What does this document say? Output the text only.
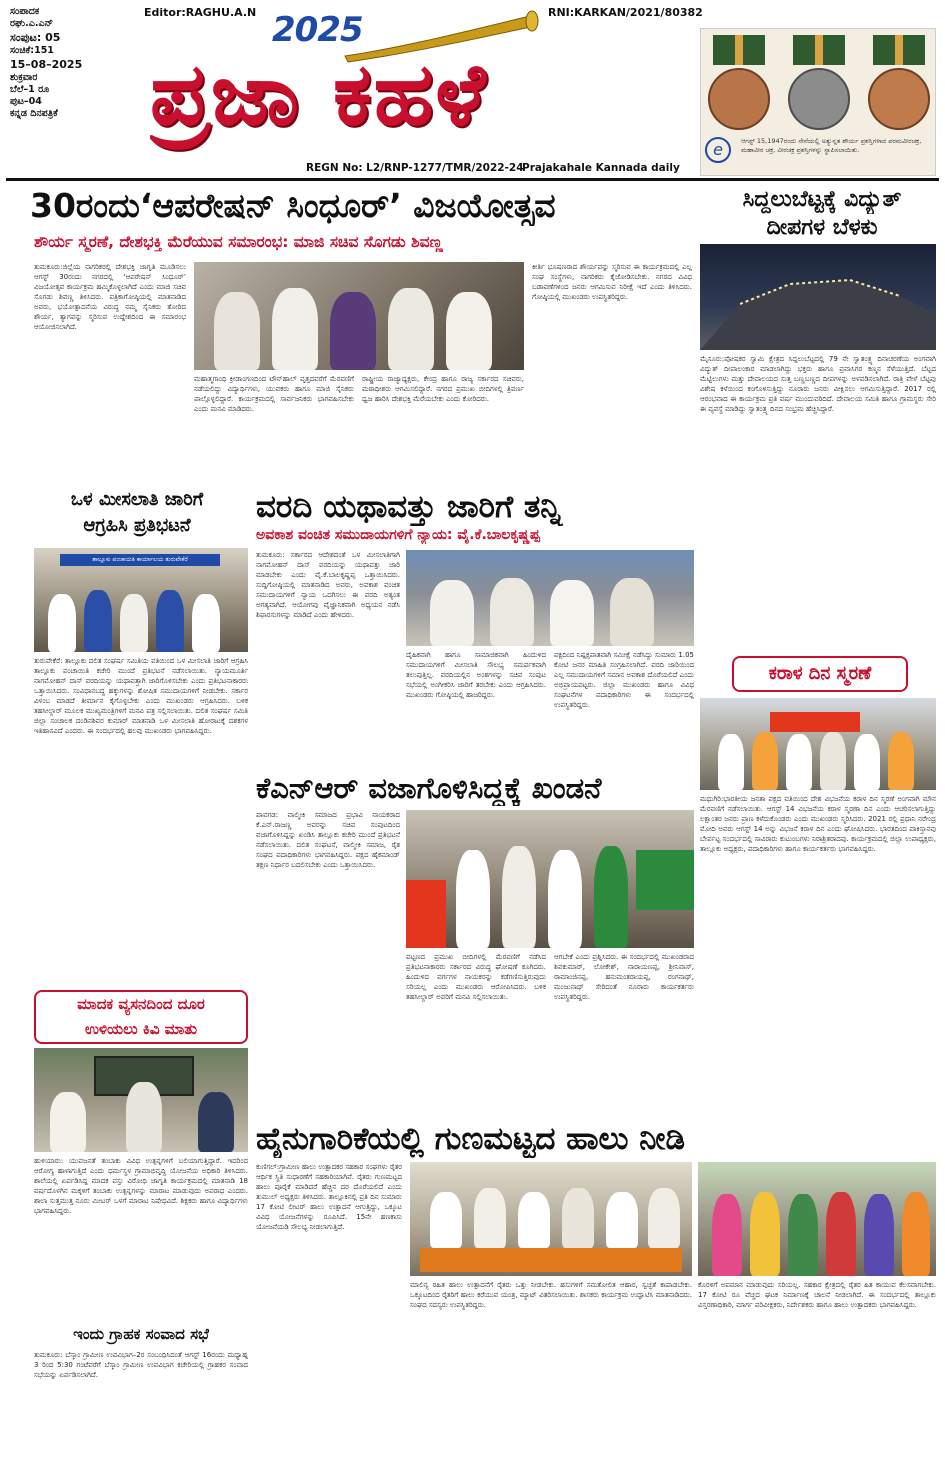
ಸಂಪಾದಕ
ರಘು.ಎ.ಎನ್
ಸಂಪುಟ: 05
ಸಂಚಿಕೆ:151
15–08–2025
ಶುಕ್ರವಾರ
ಬೆಲೆ–1 ರೂ
ಪುಟ–04
ಕನ್ನಡ ದಿನಪತ್ರಿಕೆ
Editor:RAGHU.A.N 2025
ಪ್ರಜಾ ಕಹಳೆ
RNI:KARKAN/2021/80382
REGN No: L2/RNP-1277/TMR/2022-24
Prajakahale Kannada daily
e	ಆಗಸ್ಟ್ 15,1947ರಂದು ಸೇನೆಯಲ್ಲಿ ಅತ್ಯುನ್ನತ ಶೌರ್ಯ ಪ್ರಶಸ್ತಿಗಳಾದ ಪರಮವೀರಚಕ್ರ, ಮಹಾವೀರ ಚಕ್ರ, ವೀರಚಕ್ರ ಪ್ರಶಸ್ತಿಗಳನ್ನು ಸ್ಥಾಪಿಸಲಾಯಿತು.
30ರಂದು‘ಆಪರೇಷನ್ ಸಿಂಧೂರ್’ ವಿಜಯೋತ್ಸವ
ಶೌರ್ಯ ಸ್ಮರಣೆ, ದೇಶಭಕ್ತಿ ಮೆರೆಯುವ ಸಮಾರಂಭ: ಮಾಜಿ ಸಚಿವ ಸೊಗಡು ಶಿವಣ್ಣ
ತುಮಕೂರು:ಜಿಲ್ಲೆಯ ನಾಗರಿಕರಲ್ಲಿ ದೇಶಭಕ್ತಿ ಜಾಗೃತಿ ಮೂಡಿಸಲು ಆಗಸ್ಟ್ 30ರಂದು ನಗರದಲ್ಲಿ ‘ಆಪರೇಷನ್ ಸಿಂಧೂರ್’ ವಿಜಯೋತ್ಸವ ಕಾರ್ಯಕ್ರಮ ಹಮ್ಮಿಕೊಳ್ಳಲಾಗಿದೆ ಎಂದು ಮಾಜಿ ಸಚಿವ ಸೊಗಡು ಶಿವಣ್ಣ ತಿಳಿಸಿದರು. ಪತ್ರಿಕಾಗೋಷ್ಠಿಯಲ್ಲಿ ಮಾತನಾಡಿದ ಅವರು, ಭಯೋತ್ಪಾದನೆಯ ವಿರುದ್ಧ ನಮ್ಮ ಸೈನಿಕರು ತೋರಿದ ಶೌರ್ಯ, ತ್ಯಾಗವನ್ನು ಸ್ಮರಿಸುವ ಉದ್ದೇಶದಿಂದ ಈ ಸಮಾರಂಭ ಆಯೋಜಿಸಲಾಗಿದೆ.
ಮಹಾತ್ಮಗಾಂಧಿ ಕ್ರೀಡಾಂಗಣದಿಂದ ಟೌನ್‌ಹಾಲ್ ವೃತ್ತದವರೆಗೆ ಮೆರವಣಿಗೆ ನಡೆಯಲಿದ್ದು ವಿದ್ಯಾರ್ಥಿಗಳು, ಯುವಕರು ಹಾಗೂ ಮಾಜಿ ಸೈನಿಕರು ಪಾಲ್ಗೊಳ್ಳಲಿದ್ದಾರೆ. ಕಾರ್ಯಕ್ರಮದಲ್ಲಿ ಸಾರ್ವಜನಿಕರು ಭಾಗವಹಿಸಬೇಕು ಎಂದು ಮನವಿ ಮಾಡಿದರು.
ರಾಷ್ಟ್ರೀಯ ರಾಜ್ಯಾಧ್ಯಕ್ಷರು, ಕೇಂದ್ರ ಹಾಗೂ ರಾಜ್ಯ ಸರ್ಕಾರದ ಸಚಿವರು, ಮಠಾಧೀಶರು ಆಗಮಿಸಲಿದ್ದಾರೆ. ನಗರದ ಪ್ರಮುಖ ಬೀದಿಗಳಲ್ಲಿ ತ್ರಿವರ್ಣ ಧ್ವಜ ಹಾರಿಸಿ ದೇಶಭಕ್ತಿ ಮೆರೆಯಬೇಕು ಎಂದು ಕೋರಿದರು.
ಕೀರ್ತಿ ಭೂಷಣರಾದ ಶೌರ್ಯವನ್ನು ಸ್ಮರಿಸುವ ಈ ಕಾರ್ಯಕ್ರಮದಲ್ಲಿ ಎಲ್ಲ ಸಂಘ ಸಂಸ್ಥೆಗಳು, ನಾಗರಿಕರು ಕೈಜೋಡಿಸಬೇಕು. ನಗರದ ವಿವಿಧ ಬಡಾವಣೆಗಳಿಂದ ಜನರು ಆಗಮಿಸುವ ನಿರೀಕ್ಷೆ ಇದೆ ಎಂದು ತಿಳಿಸಿದರು. ಗೋಷ್ಠಿಯಲ್ಲಿ ಮುಖಂಡರು ಉಪಸ್ಥಿತರಿದ್ದರು.
ಸಿದ್ದಲುಬೆಟ್ಟಕ್ಕೆ ವಿದ್ಯುತ್
ದೀಪಗಳ ಬೆಳಕು
ಮೈಸೂರು:ಪೋಷಕರ ಸ್ವಾಮಿ ಕ್ಷೇತ್ರದ ಸಿದ್ದಲುಬೆಟ್ಟದಲ್ಲಿ 79 ನೇ ಸ್ವಾತಂತ್ರ್ಯ ದಿನಾಚರಣೆಯ ಅಂಗವಾಗಿ ವಿದ್ಯುತ್ ದೀಪಾಲಂಕಾರ ಮಾಡಲಾಗಿದ್ದು ಭಕ್ತರು ಹಾಗೂ ಪ್ರವಾಸಿಗರ ಕಣ್ಮನ ಸೆಳೆಯುತ್ತಿದೆ. ಬೆಟ್ಟದ ಮೆಟ್ಟಿಲುಗಳು ಮತ್ತು ದೇವಾಲಯದ ಸುತ್ತ ಬಣ್ಣಬಣ್ಣದ ದೀಪಗಳನ್ನು ಅಳವಡಿಸಲಾಗಿದೆ. ರಾತ್ರಿ ವೇಳೆ ಬೆಟ್ಟವು ವಿಶೇಷ ಕಳೆಯಿಂದ ಕಂಗೊಳಿಸುತ್ತಿದ್ದು ನೂರಾರು ಜನರು ವೀಕ್ಷಿಸಲು ಆಗಮಿಸುತ್ತಿದ್ದಾರೆ. 2017 ರಲ್ಲಿ ಆರಂಭವಾದ ಈ ಕಾರ್ಯಕ್ರಮ ಪ್ರತಿ ವರ್ಷ ಮುಂದುವರಿದಿದೆ. ದೇವಾಲಯ ಸಮಿತಿ ಹಾಗೂ ಗ್ರಾಮಸ್ಥರು ಸೇರಿ ಈ ವ್ಯವಸ್ಥೆ ಮಾಡಿದ್ದು ಸ್ವಾತಂತ್ರ್ಯ ದಿನದ ಸಂಭ್ರಮ ಹೆಚ್ಚಿಸಿದ್ದಾರೆ.
ಒಳ ಮೀಸಲಾತಿ ಜಾರಿಗೆ
ಆಗ್ರಹಿಸಿ ಪ್ರತಿಭಟನೆ
ತಾಲ್ಲೂಕು ಪಂಚಾಯತಿ ಕಾರ್ಯಾಲಯ ತುರುವೇಕೆರೆ
ತುರುವೇಕೆರೆ: ತಾಲ್ಲೂಕು ದಲಿತ ಸಂಘರ್ಷ ಸಮಿತಿಯ ವತಿಯಿಂದ ಒಳ ಮೀಸಲಾತಿ ಜಾರಿಗೆ ಆಗ್ರಹಿಸಿ ತಾಲ್ಲೂಕು ಪಂಚಾಯಿತಿ ಕಚೇರಿ ಮುಂದೆ ಪ್ರತಿಭಟನೆ ನಡೆಸಲಾಯಿತು. ನ್ಯಾಯಮೂರ್ತಿ ನಾಗಮೋಹನ್ ದಾಸ್ ವರದಿಯನ್ನು ಯಥಾವತ್ತಾಗಿ ಜಾರಿಗೊಳಿಸಬೇಕು ಎಂದು ಪ್ರತಿಭಟನಾಕಾರರು ಒತ್ತಾಯಿಸಿದರು. ಸಂವಿಧಾನಬದ್ಧ ಹಕ್ಕುಗಳನ್ನು ಶೋಷಿತ ಸಮುದಾಯಗಳಿಗೆ ನೀಡಬೇಕು. ಸರ್ಕಾರ ವಿಳಂಬ ಮಾಡದೆ ತೀರ್ಮಾನ ಕೈಗೊಳ್ಳಬೇಕು ಎಂದು ಮುಖಂಡರು ಆಗ್ರಹಿಸಿದರು. ಬಳಿಕ ತಹಸೀಲ್ದಾರ್ ಮೂಲಕ ಮುಖ್ಯಮಂತ್ರಿಗಳಿಗೆ ಮನವಿ ಪತ್ರ ಸಲ್ಲಿಸಲಾಯಿತು. ದಲಿತ ಸಂಘರ್ಷ ಸಮಿತಿ ಜಿಲ್ಲಾ ಸಂಚಾಲಕ ದಂಡಿನಶಿವರ ಕುಮಾರ್ ಮಾತನಾಡಿ ಒಳ ಮೀಸಲಾತಿ ಹೋರಾಟಕ್ಕೆ ದಶಕಗಳ ಇತಿಹಾಸವಿದೆ ಎಂದರು. ಈ ಸಂದರ್ಭದಲ್ಲಿ ಹಲವು ಮುಖಂಡರು ಭಾಗವಹಿಸಿದ್ದರು.
ವರದಿ ಯಥಾವತ್ತು ಜಾರಿಗೆ ತನ್ನಿ
ಅವಕಾಶ ವಂಚಿತ ಸಮುದಾಯಗಳಿಗೆ ನ್ಯಾಯ: ವೈ.ಕೆ.ಬಾಲಕೃಷ್ಣಪ್ಪ
ತುಮಕೂರು: ಸರ್ಕಾರದ ಆದೇಶದಂತೆ ಒಳ ಮೀಸಲಾತಿಗಾಗಿ ನಾಗಮೋಹನ್ ದಾಸ್ ವರದಿಯನ್ನು ಯಥಾವತ್ತು ಜಾರಿ ಮಾಡಬೇಕು ಎಂದು ವೈ.ಕೆ.ಬಾಲಕೃಷ್ಣಪ್ಪ ಒತ್ತಾಯಿಸಿದರು. ಸುದ್ದಿಗೋಷ್ಠಿಯಲ್ಲಿ ಮಾತನಾಡಿದ ಅವರು, ಅವಕಾಶ ವಂಚಿತ ಸಮುದಾಯಗಳಿಗೆ ನ್ಯಾಯ ಒದಗಿಸಲು ಈ ವರದಿ ಅತ್ಯಂತ ಅಗತ್ಯವಾಗಿದೆ. ಆಯೋಗವು ವೈಜ್ಞಾನಿಕವಾಗಿ ಅಧ್ಯಯನ ನಡೆಸಿ ಶಿಫಾರಸುಗಳನ್ನು ಮಾಡಿದೆ ಎಂದು ಹೇಳಿದರು.
ದೈಹಿಕವಾಗಿ ಹಾಗೂ ಸಾಮಾಜಿಕವಾಗಿ ಹಿಂದುಳಿದ ಸಮುದಾಯಗಳಿಗೆ ಮೀಸಲಾತಿ ಸೌಲಭ್ಯ ಸಮರ್ಪಕವಾಗಿ ತಲುಪುತ್ತಿಲ್ಲ. ವರದಿಯಲ್ಲಿನ ಅಂಶಗಳನ್ನು ಸಚಿವ ಸಂಪುಟ ಸಭೆಯಲ್ಲಿ ಅಂಗೀಕರಿಸಿ ಜಾರಿಗೆ ತರಬೇಕು ಎಂದು ಆಗ್ರಹಿಸಿದರು. ಮುಖಂಡರು ಗೋಷ್ಠಿಯಲ್ಲಿ ಹಾಜರಿದ್ದರು.
ಪಕ್ಷದಿಂದ ನಿಷ್ಪಕ್ಷಪಾತವಾಗಿ ಸಮೀಕ್ಷೆ ನಡೆಸಿದ್ದು ಸುಮಾರು 1.05 ಕೋಟಿ ಜನರ ಮಾಹಿತಿ ಸಂಗ್ರಹಿಸಲಾಗಿದೆ. ವರದಿ ಜಾರಿಯಿಂದ ಎಲ್ಲ ಸಮುದಾಯಗಳಿಗೆ ಸಮಾನ ಅವಕಾಶ ದೊರೆಯಲಿದೆ ಎಂದು ಅಭಿಪ್ರಾಯಪಟ್ಟರು. ಜಿಲ್ಲಾ ಮುಖಂಡರು ಹಾಗೂ ವಿವಿಧ ಸಂಘಟನೆಗಳ ಪದಾಧಿಕಾರಿಗಳು ಈ ಸಂದರ್ಭದಲ್ಲಿ ಉಪಸ್ಥಿತರಿದ್ದರು.
ಕರಾಳ ದಿನ ಸ್ಮರಣೆ
ಮಧುಗಿರಿ:ಭಾರತೀಯ ಜನತಾ ಪಕ್ಷದ ವತಿಯಿಂದ ದೇಶ ವಿಭಜನೆಯ ಕರಾಳ ದಿನ ಸ್ಮರಣೆ ಅಂಗವಾಗಿ ಮೌನ ಮೆರವಣಿಗೆ ನಡೆಸಲಾಯಿತು. ಆಗಸ್ಟ್ 14 ವಿಭಜನೆಯ ಕರಾಳ ಸ್ಮರಣಾ ದಿನ ಎಂದು ಆಚರಿಸಲಾಗುತ್ತಿದ್ದು ಲಕ್ಷಾಂತರ ಜನರು ಪ್ರಾಣ ಕಳೆದುಕೊಂಡರು ಎಂದು ಮುಖಂಡರು ಸ್ಮರಿಸಿದರು. 2021 ರಲ್ಲಿ ಪ್ರಧಾನಿ ನರೇಂದ್ರ ಮೋದಿ ಅವರು ಆಗಸ್ಟ್ 14 ಅನ್ನು ವಿಭಜನೆ ಕರಾಳ ದಿನ ಎಂದು ಘೋಷಿಸಿದರು. ಭಾರತದಿಂದ ಪಾಕಿಸ್ತಾನವು ಬೇರ್ಪಟ್ಟ ಸಂದರ್ಭದಲ್ಲಿ ಸಾವಿರಾರು ಕುಟುಂಬಗಳು ನಿರಾಶ್ರಿತರಾದವು. ಕಾರ್ಯಕ್ರಮದಲ್ಲಿ ಜಿಲ್ಲಾ ಉಪಾಧ್ಯಕ್ಷರು, ತಾಲ್ಲೂಕು ಅಧ್ಯಕ್ಷರು, ಪದಾಧಿಕಾರಿಗಳು ಹಾಗೂ ಕಾರ್ಯಕರ್ತರು ಭಾಗವಹಿಸಿದ್ದರು.
ಕೆಎನ್‌ಆರ್ ವಜಾಗೊಳಿಸಿದ್ದಕ್ಕೆ ಖಂಡನೆ
ಪಾವಗಡ: ವಾಲ್ಮೀಕಿ ಸಮಾಜದ ಪ್ರಭಾವಿ ನಾಯಕರಾದ ಕೆ.ಎನ್.ರಾಜಣ್ಣ ಅವರನ್ನು ಸಚಿವ ಸಂಪುಟದಿಂದ ವಜಾಗೊಳಿಸಿದ್ದನ್ನು ಖಂಡಿಸಿ ತಾಲ್ಲೂಕು ಕಚೇರಿ ಮುಂದೆ ಪ್ರತಿಭಟನೆ ನಡೆಸಲಾಯಿತು. ದಲಿತ ಸಂಘಟನೆ, ವಾಲ್ಮೀಕಿ ಸಮಾಜ, ರೈತ ಸಂಘದ ಪದಾಧಿಕಾರಿಗಳು ಭಾಗವಹಿಸಿದ್ದರು. ಪಕ್ಷದ ಹೈಕಮಾಂಡ್ ತಕ್ಷಣ ನಿರ್ಧಾರ ಬದಲಿಸಬೇಕು ಎಂದು ಒತ್ತಾಯಿಸಿದರು.
ಪಟ್ಟಣದ ಪ್ರಮುಖ ಬೀದಿಗಳಲ್ಲಿ ಮೆರವಣಿಗೆ ನಡೆಸಿದ ಪ್ರತಿಭಟನಾಕಾರರು ಸರ್ಕಾರದ ವಿರುದ್ಧ ಘೋಷಣೆ ಕೂಗಿದರು. ಹಿಂದುಳಿದ ವರ್ಗಗಳ ನಾಯಕರನ್ನು ಕಡೆಗಣಿಸುತ್ತಿರುವುದು ಸರಿಯಲ್ಲ ಎಂದು ಮುಖಂಡರು ಆರೋಪಿಸಿದರು. ಬಳಿಕ ತಹಸೀಲ್ದಾರ್ ಅವರಿಗೆ ಮನವಿ ಸಲ್ಲಿಸಲಾಯಿತು.
ಆಗಬೇಕೆ ಎಂದು ಪ್ರಶ್ನಿಸಿದರು. ಈ ಸಂದರ್ಭದಲ್ಲಿ ಮುಖಂಡರಾದ ಶಿವಕುಮಾರ್, ಲೋಕೇಶ್, ನಾರಾಯಣಪ್ಪ, ಶ್ರೀನಿವಾಸ್, ರಾಮಾಂಜಿನಪ್ಪ, ಹನುಮಂತರಾಯಪ್ಪ, ರಂಗನಾಥ್, ಮಂಜುನಾಥ್ ಸೇರಿದಂತೆ ನೂರಾರು ಕಾರ್ಯಕರ್ತರು ಉಪಸ್ಥಿತರಿದ್ದರು.
ಮಾದಕ ವ್ಯಸನದಿಂದ ದೂರ
ಉಳಿಯಲು ಕಿವಿ ಮಾತು
ಹುಳಿಯಾರು: ಯುವಜನತೆ ತಂಬಾಕು ವಿವಿಧ ಉತ್ಪನ್ನಗಳಿಗೆ ಬಲಿಯಾಗುತ್ತಿದ್ದಾರೆ. ಇದರಿಂದ ಆರೋಗ್ಯ ಹಾಳಾಗುತ್ತಿದೆ ಎಂದು ಧರ್ಮಸ್ಥಳ ಗ್ರಾಮಾಭಿವೃದ್ಧಿ ಯೋಜನೆಯ ಅಧಿಕಾರಿ ತಿಳಿಸಿದರು. ಶಾಲೆಯಲ್ಲಿ ಏರ್ಪಡಿಸಿದ್ದ ಮಾದಕ ವಸ್ತು ವಿರೋಧಿ ಜಾಗೃತಿ ಕಾರ್ಯಕ್ರಮದಲ್ಲಿ ಮಾತನಾಡಿ 18 ವರ್ಷದೊಳಗಿನ ಮಕ್ಕಳಿಗೆ ತಂಬಾಕು ಉತ್ಪನ್ನಗಳನ್ನು ಮಾರಾಟ ಮಾಡುವುದು ಅಪರಾಧ ಎಂದರು. ಶಾಲಾ ಸುತ್ತಮುತ್ತ ನೂರು ಮೀಟರ್ ಒಳಗೆ ಮಾರಾಟ ನಿಷೇಧವಿದೆ. ಶಿಕ್ಷಕರು ಹಾಗೂ ವಿದ್ಯಾರ್ಥಿಗಳು ಭಾಗವಹಿಸಿದ್ದರು.
ಇಂದು ಗ್ರಾಹಕ ಸಂವಾದ ಸಭೆ
ತುಮಕೂರು: ಬೆಸ್ಕಾಂ ಗ್ರಾಮೀಣ ಉಪವಿಭಾಗ–2ರ ಸಂಬಂಧಿಸಿದಂತೆ ಆಗಸ್ಟ್ 16ರಂದು ಮಧ್ಯಾಹ್ನ 3 ರಿಂದ 5:30 ಗಂಟೆವರೆಗೆ ಬೆಸ್ಕಾಂ ಗ್ರಾಮೀಣ ಉಪವಿಭಾಗ ಕಚೇರಿಯಲ್ಲಿ ಗ್ರಾಹಕರ ಸಂವಾದ ಸಭೆಯನ್ನು ಏರ್ಪಡಿಸಲಾಗಿದೆ.
ಹೈನುಗಾರಿಕೆಯಲ್ಲಿ ಗುಣಮಟ್ಟದ ಹಾಲು ನೀಡಿ
ಕುಣಿಗಲ್:ಗ್ರಾಮೀಣ ಹಾಲು ಉತ್ಪಾದಕರ ಸಹಕಾರ ಸಂಘಗಳು ರೈತರ ಆರ್ಥಿಕ ಸ್ಥಿತಿ ಸುಧಾರಣೆಗೆ ಸಹಕಾರಿಯಾಗಿವೆ. ರೈತರು ಗುಣಮಟ್ಟದ ಹಾಲು ಪೂರೈಕೆ ಮಾಡಿದರೆ ಹೆಚ್ಚಿನ ದರ ದೊರೆಯಲಿದೆ ಎಂದು ತುಮುಲ್ ಅಧ್ಯಕ್ಷರು ತಿಳಿಸಿದರು. ತಾಲ್ಲೂಕಿನಲ್ಲಿ ಪ್ರತಿ ದಿನ ಸುಮಾರು 17 ಕೋಟಿ ಲೀಟರ್ ಹಾಲು ಉತ್ಪಾದನೆ ಆಗುತ್ತಿದ್ದು, ಒಕ್ಕೂಟ ವಿವಿಧ ಯೋಜನೆಗಳನ್ನು ರೂಪಿಸಿದೆ. 15ನೇ ಹಣಕಾಸು ಯೋಜನೆಯಡಿ ಸೌಲಭ್ಯ ನೀಡಲಾಗುತ್ತಿದೆ.
ಮಾಲಿನ್ಯ ರಹಿತ ಹಾಲು ಉತ್ಪಾದನೆಗೆ ರೈತರು ಒತ್ತು ನೀಡಬೇಕು. ಹಸುಗಳಿಗೆ ಸಮತೋಲಿತ ಆಹಾರ, ಸ್ವಚ್ಛತೆ ಕಾಪಾಡಬೇಕು. ಒಕ್ಕೂಟದಿಂದ ರೈತರಿಗೆ ಹಾಲು ಕರೆಯುವ ಯಂತ್ರ, ಮ್ಯಾಟ್ ವಿತರಿಸಲಾಯಿತು. ಶಾಸಕರು ಕಾರ್ಯಕ್ರಮ ಉದ್ಘಾಟಿಸಿ ಮಾತನಾಡಿದರು. ಸಂಘದ ಸದಸ್ಯರು ಉಪಸ್ಥಿತರಿದ್ದರು.
ಕೊರಳಿಗೆ ಅಪಮಾನ ಮಾಡುವುದು ಸರಿಯಲ್ಲ. ಸಹಕಾರ ಕ್ಷೇತ್ರದಲ್ಲಿ ರೈತರ ಹಿತ ಕಾಯುವ ಕೆಲಸವಾಗಬೇಕು. 17 ಕೋಟಿ ರೂ ವೆಚ್ಚದ ಘಟಕ ನಿರ್ಮಾಣಕ್ಕೆ ಚಾಲನೆ ನೀಡಲಾಗಿದೆ. ಈ ಸಂದರ್ಭದಲ್ಲಿ ತಾಲ್ಲೂಕು ವಿಸ್ತರಣಾಧಿಕಾರಿ, ಮಾರ್ಗ ಪರಿವೀಕ್ಷಕರು, ನಿರ್ದೇಶಕರು ಹಾಗೂ ಹಾಲು ಉತ್ಪಾದಕರು ಭಾಗವಹಿಸಿದ್ದರು.
